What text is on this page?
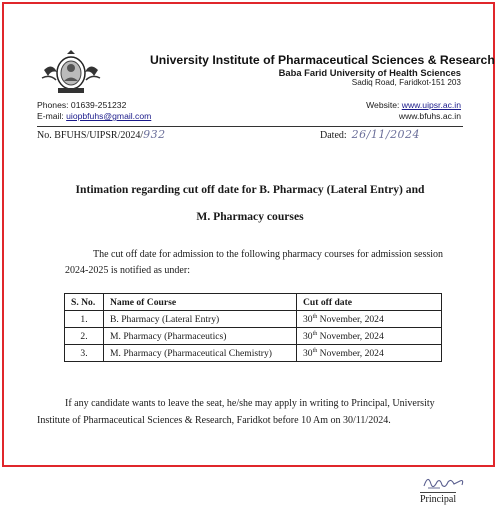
University Institute of Pharmaceutical Sciences & Research
Baba Farid University of Health Sciences
Sadiq Road, Faridkot-151 203
Phones: 01639-251232
E-mail: uiopbfuhs@gmail.com
Website: www.uipsr.ac.in
www.bfuhs.ac.in
No. BFUHS/UIPSR/2024/932	Dated: 26/11/2024
Intimation regarding cut off date for B. Pharmacy (Lateral Entry) and
M. Pharmacy courses
The cut off date for admission to the following pharmacy courses for admission session
2024-2025 is notified as under:
S. No.	Name of Course	Cut off date
1.	B. Pharmacy (Lateral Entry)	30th November, 2024
2.	M. Pharmacy (Pharmaceutics)	30th November, 2024
3.	M. Pharmacy (Pharmaceutical Chemistry)	30th November, 2024
If any candidate wants to leave the seat, he/she may apply in writing to Principal, University
Institute of Pharmaceutical Sciences & Research, Faridkot before 10 Am on 30/11/2024.
Principal
